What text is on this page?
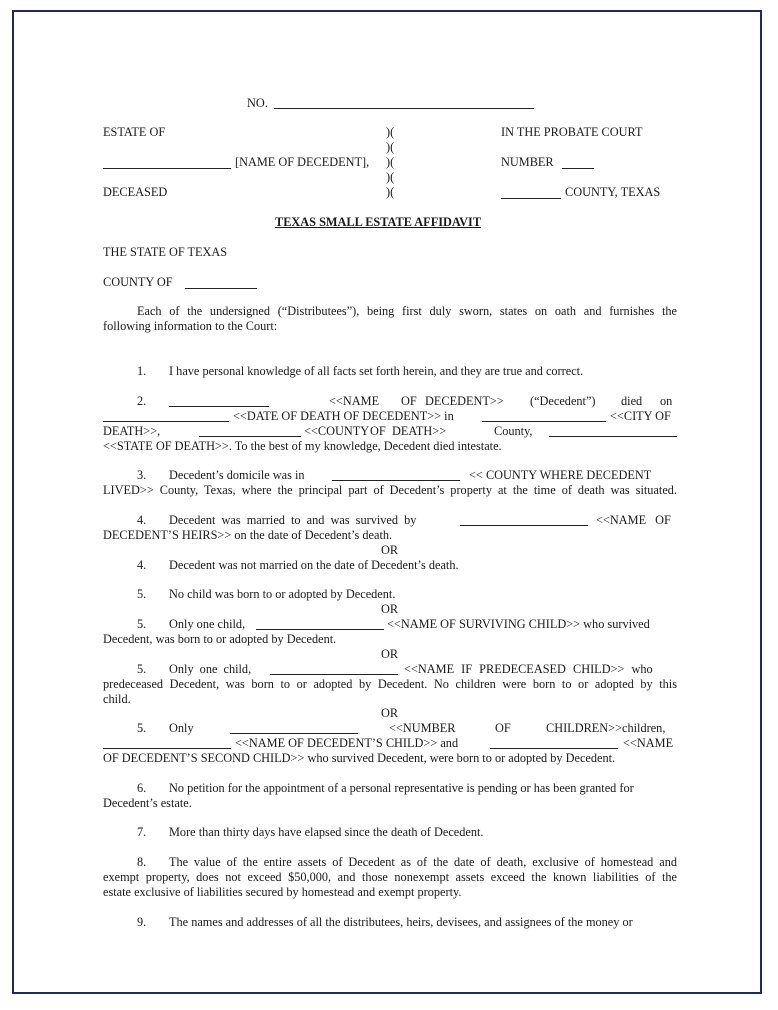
NO.
ESTATE OF	)(	IN THE PROBATE COURT
)(
[NAME OF DECEDENT], )(	NUMBER
)(
DECEASED	)(	COUNTY, TEXAS
TEXAS SMALL ESTATE AFFIDAVIT
THE STATE OF TEXAS
COUNTY OF

Each of the undersigned (“Distributees”), being first duly sworn, states on oath and furnishes the

following information to the Court:

1. I have personal knowledge of all facts set forth herein, and they are true and correct.
2.	<<NAME OF DECEDENT>> (“Decedent”) died on
<<DATE OF DEATH OF DECEDENT>> in	<<CITY OF
DEATH>>,	<<COUNTY OF DEATH>>	County,
<<STATE OF DEATH>>. To the best of my knowledge, Decedent died intestate.
3. Decedent’s domicile was in	<< COUNTY WHERE DECEDENT
LIVED>> County, Texas, where the principal part of Decedent’s property at the time of death was situated.
4. Decedent was married to and was survived by	<<NAME OF
DECEDENT’S HEIRS>> on the date of Decedent’s death.
OR
4. Decedent was not married on the date of Decedent’s death.
5. No child was born to or adopted by Decedent.
OR
5. Only one child,	<<NAME OF SURVIVING CHILD>> who survived
Decedent, was born to or adopted by Decedent.
OR
5. Only one child,	<<NAME IF PREDECEASED CHILD>> who
predeceased Decedent, was born to or adopted by Decedent. No children were born to or adopted by this
child.
OR
5. Only	<<NUMBER	OF	CHILDREN>>children,
<<NAME OF DECEDENT’S CHILD>> and	<<NAME
OF DECEDENT’S SECOND CHILD>> who survived Decedent, were born to or adopted by Decedent.
6. No petition for the appointment of a personal representative is pending or has been granted for
Decedent’s estate.
7. More than thirty days have elapsed since the death of Decedent.
8. The value of the entire assets of Decedent as of the date of death, exclusive of homestead and
exempt property, does not exceed $50,000, and those nonexempt assets exceed the known liabilities of the
estate exclusive of liabilities secured by homestead and exempt property.
9. The names and addresses of all the distributees, heirs, devisees, and assignees of the money or
